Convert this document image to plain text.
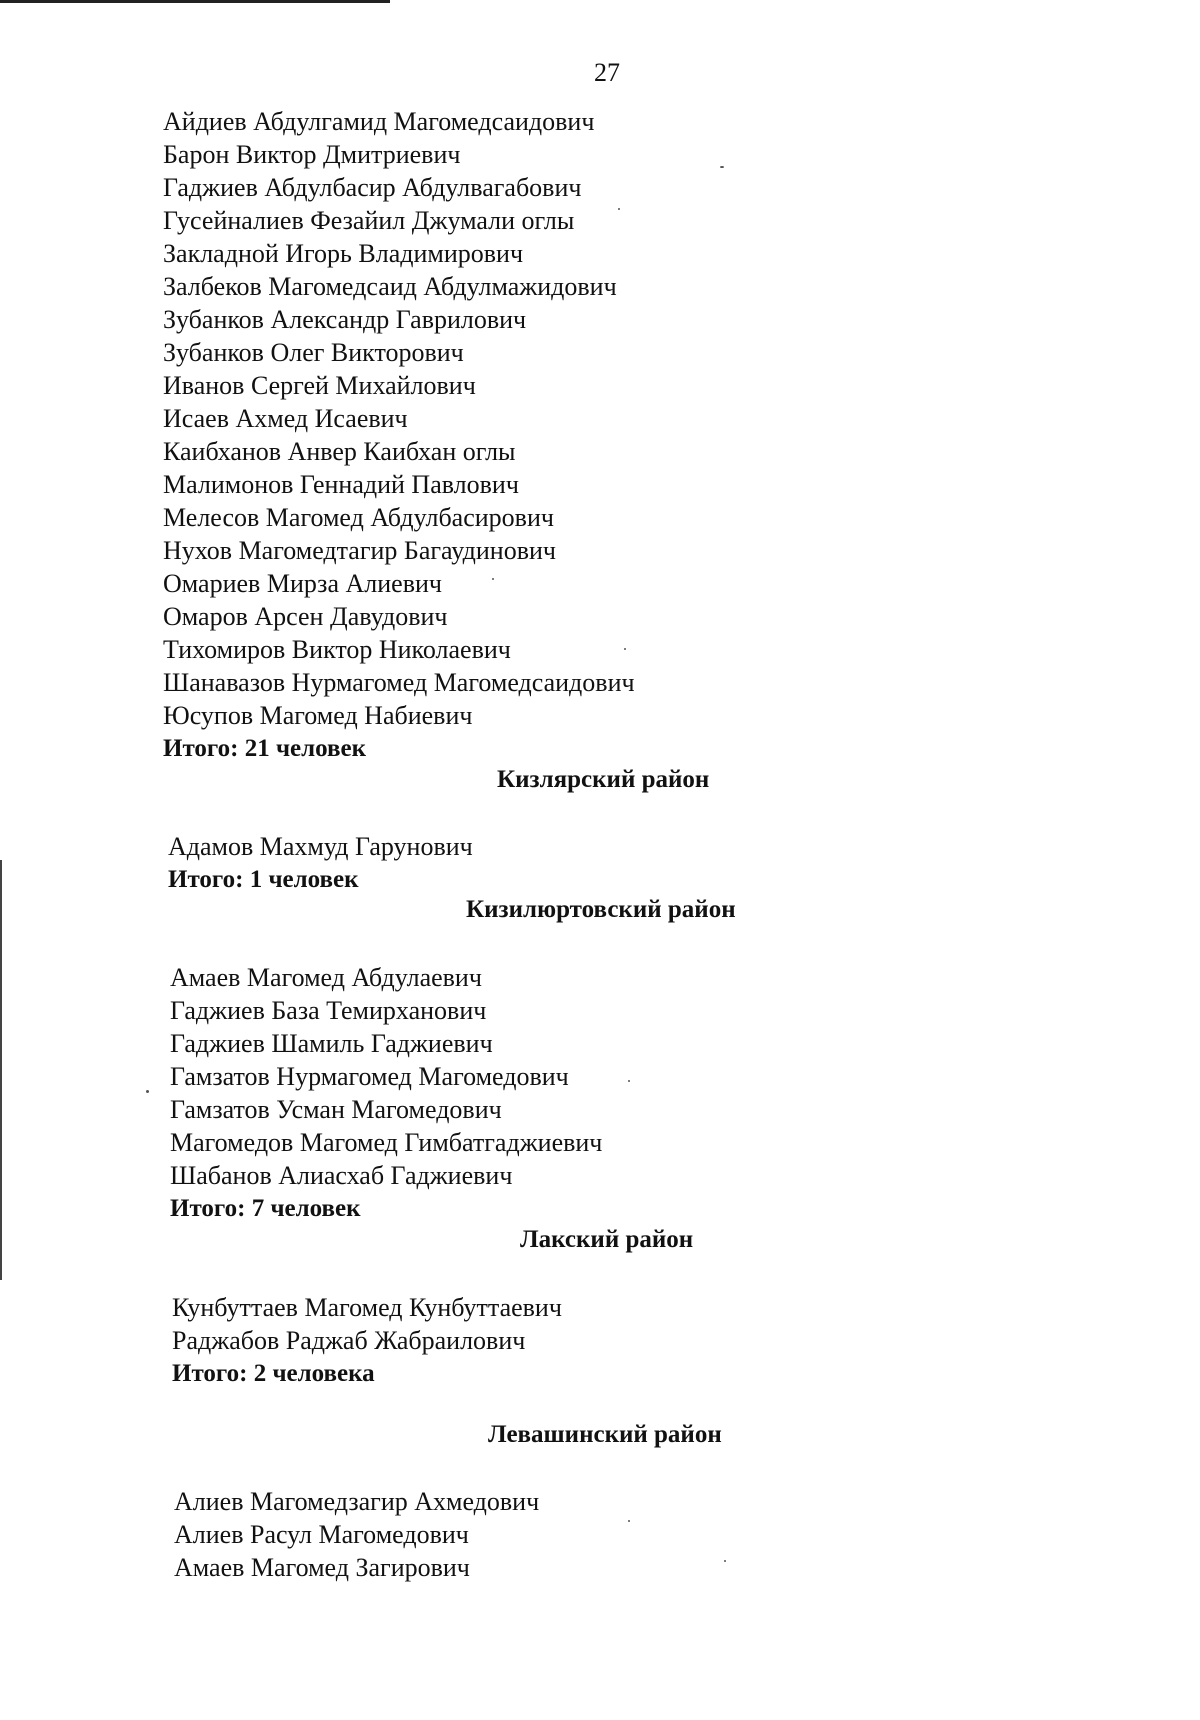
27
Айдиев Абдулгамид Магомедсаидович
Барон Виктор Дмитриевич
Гаджиев Абдулбасир Абдулвагабович
Гусейналиев Фезайил Джумали оглы
Закладной Игорь Владимирович
Залбеков Магомедсаид Абдулмажидович
Зубанков Александр Гаврилович
Зубанков Олег Викторович
Иванов Сергей Михайлович
Исаев Ахмед Исаевич
Каибханов Анвер Каибхан оглы
Малимонов Геннадий Павлович
Мелесов Магомед Абдулбасирович
Нухов Магомедтагир Багаудинович
Омариев Мирза Алиевич
Омаров Арсен Давудович
Тихомиров Виктор Николаевич
Шанавазов Нурмагомед Магомедсаидович
Юсупов Магомед Набиевич
Итого: 21 человек
Кизлярский район
Адамов Махмуд Гарунович
Итого: 1 человек
Кизилюртовский район
Амаев Магомед Абдулаевич
Гаджиев База Темирханович
Гаджиев Шамиль Гаджиевич
Гамзатов Нурмагомед Магомедович
Гамзатов Усман Магомедович
Магомедов Магомед Гимбатгаджиевич
Шабанов Алиасхаб Гаджиевич
Итого: 7 человек
Лакский район
Кунбуттаев Магомед Кунбуттаевич
Раджабов Раджаб Жабраилович
Итого: 2 человека
Левашинский район
Алиев Магомедзагир Ахмедович
Алиев Расул Магомедович
Амаев Магомед Загирович
